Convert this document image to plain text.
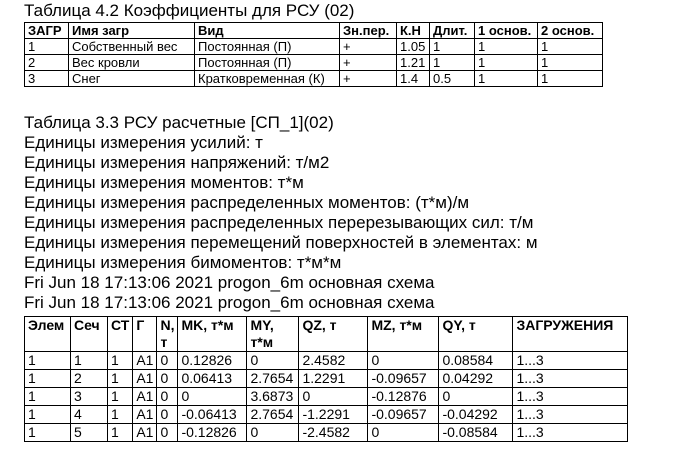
Таблица 4.2 Коэффициенты для РСУ (02)
ЗАГР	Имя загр	Вид	Зн.пер.	К.Н	Длит.	1 основ.	2 основ.
1	Собственный вес	Постоянная (П)	+	1.05	1	1	1
2	Вес кровли	Постоянная (П)	+	1.21	1	1	1
3	Снег	Кратковременная (К)	+	1.4	0.5	1	1
Таблица 3.3 РСУ расчетные [СП_1](02)
Единицы измерения усилий: т
Единицы измерения напряжений: т/м2
Единицы измерения моментов: т*м
Единицы измерения распределенных моментов: (т*м)/м
Единицы измерения распределенных перерезывающих сил: т/м
Единицы измерения перемещений поверхностей в элементах: м
Единицы измерения бимоментов: т*м*м
Fri Jun 18 17:13:06 2021 progon_6m основная схема
Fri Jun 18 17:13:06 2021 progon_6m основная схема
Элем	Сеч	СТ	Г	N, т	MK, т*м	MY, т*м	QZ, т	MZ, т*м	QY, т	ЗАГРУЖЕНИЯ
1	1	1	A1	0	0.12826	0	2.4582	0	0.08584	1...3
1	2	1	A1	0	0.06413	2.7654	1.2291	-0.09657	0.04292	1...3
1	3	1	A1	0	0	3.6873	0	-0.12876	0	1...3
1	4	1	A1	0	-0.06413	2.7654	-1.2291	-0.09657	-0.04292	1...3
1	5	1	A1	0	-0.12826	0	-2.4582	0	-0.08584	1...3
